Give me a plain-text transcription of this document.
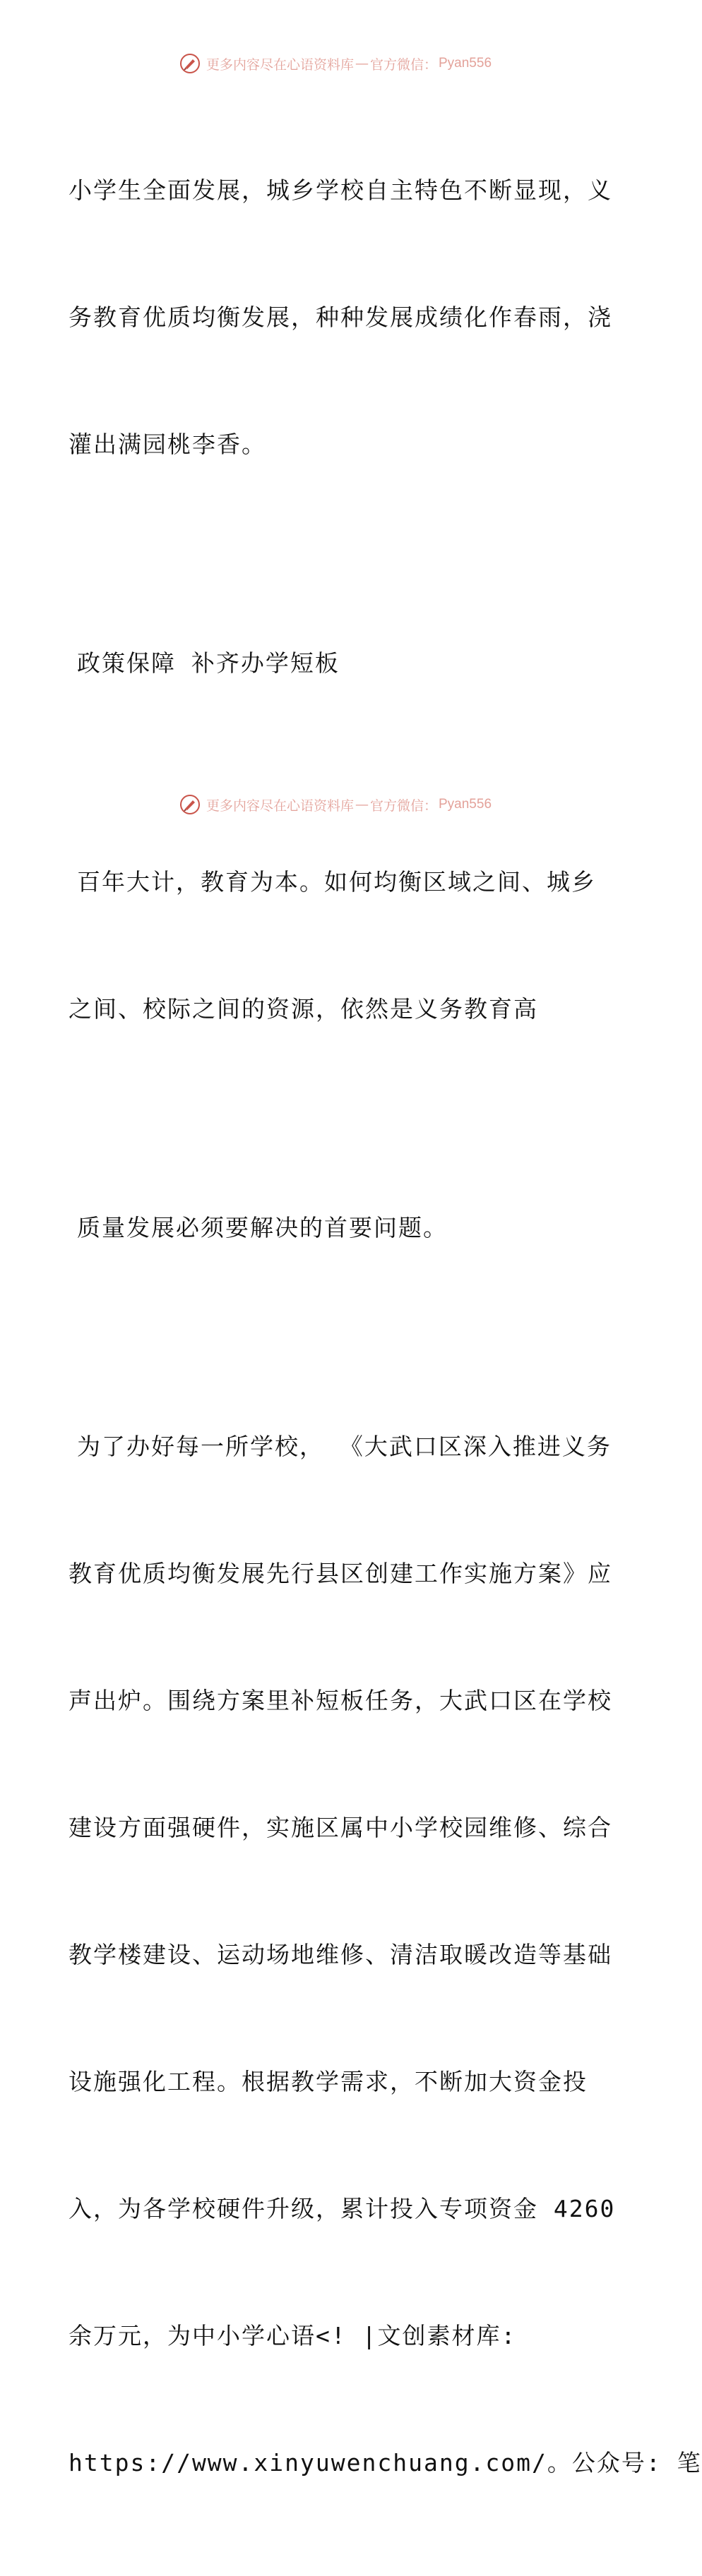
更多内容尽在心语资料库 — 官方微信： Pyan556

小学生全面发展，城乡学校自主特色不断显现，义

务教育优质均衡发展，种种发展成绩化作春雨，浇

灌出满园桃李香。

政策保障 补齐办学短板

百年大计，教育为本。如何均衡区域之间、城乡

之间、校际之间的资源，依然是义务教育高

质量发展必须要解决的首要问题。

为了办好每一所学校， 《大武口区深入推进义务

教育优质均衡发展先行县区创建工作实施方案》应

声出炉。围绕方案里补短板任务，大武口区在学校

建设方面强硬件，实施区属中小学校园维修、综合

教学楼建设、运动场地维修、清洁取暖改造等基础

设施强化工程。根据教学需求，不断加大资金投

入，为各学校硬件升级，累计投入专项资金 4260

余万元，为中小学心语<! |文创素材库:

https://www.xinyuwenchuang.com/。公众号: 笔

更多内容尽在心语资料库 — 官方微信： Pyan556
